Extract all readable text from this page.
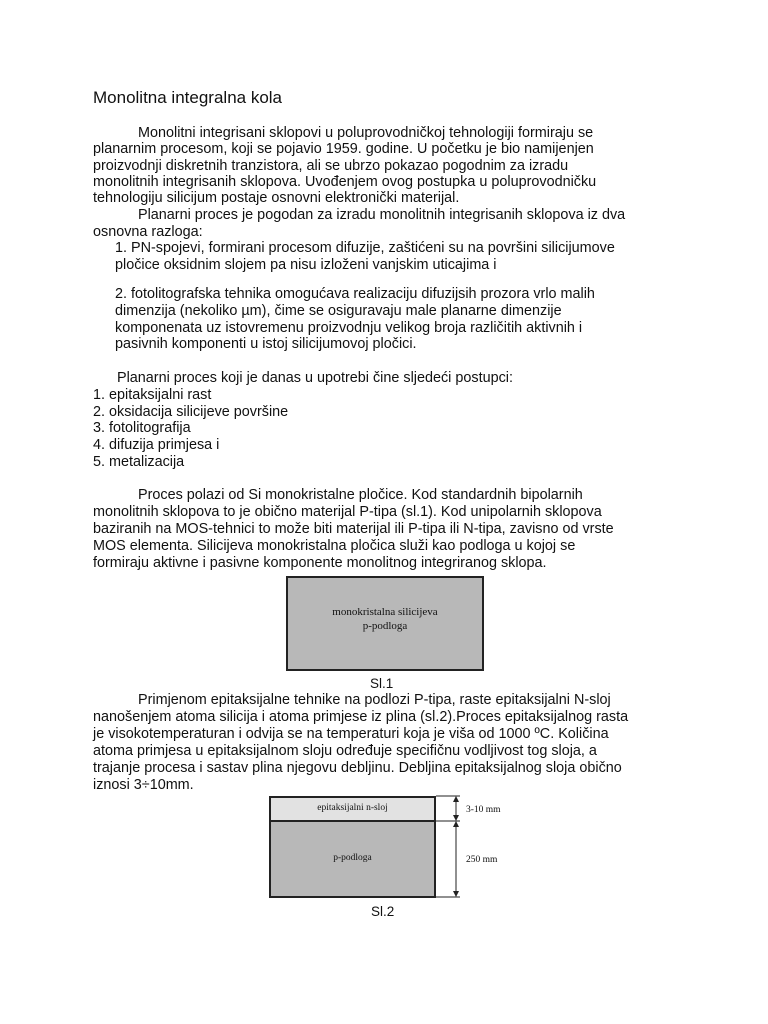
Monolitna integralna kola
Monolitni integrisani sklopovi u poluprovodničkoj tehnologiji formiraju se
planarnim procesom, koji se pojavio 1959. godine. U početku je bio namijenjen
proizvodnji diskretnih tranzistora, ali se ubrzo pokazao pogodnim za izradu
monolitnih integrisanih sklopova. Uvođenjem ovog postupka u poluprovodničku
tehnologiju silicijum postaje osnovni elektronički materijal.
Planarni proces je pogodan za izradu monolitnih integrisanih sklopova iz dva
osnovna razloga:
1. PN-spojevi, formirani procesom difuzije, zaštićeni su na površini silicijumove
pločice oksidnim slojem pa nisu izloženi vanjskim uticajima i
2. fotolitografska tehnika omogućava realizaciju difuzijsih prozora vrlo malih
dimenzija (nekoliko µm), čime se osiguravaju male planarne dimenzije
komponenata uz istovremenu proizvodnju velikog broja različitih aktivnih i
pasivnih komponenti u istoj silicijumovoj pločici.
Planarni proces koji je danas u upotrebi čine sljedeći postupci:
1. epitaksijalni rast
2. oksidacija silicijeve površine
3. fotolitografija
4. difuzija primjesa i
5. metalizacija
Proces polazi od Si monokristalne pločice. Kod standardnih bipolarnih
monolitnih sklopova to je obično materijal P-tipa (sl.1). Kod unipolarnih sklopova
baziranih na MOS-tehnici to može biti materijal ili P-tipa ili N-tipa, zavisno od vrste
MOS elementa. Silicijeva monokristalna pločica služi kao podloga u kojoj se
formiraju aktivne i pasivne komponente monolitnog integriranog sklopa.
monokristalna silicijeva
p-podloga
Sl.1
Primjenom epitaksijalne tehnike na podlozi P-tipa, raste epitaksijalni N-sloj
nanošenjem atoma silicija i atoma primjese iz plina (sl.2).Proces epitaksijalnog rasta
je visokotemperaturan i odvija se na temperaturi koja je viša od 1000 ºC. Količina
atoma primjesa u epitaksijalnom sloju određuje specifičnu vodljivost tog sloja, a
trajanje procesa i sastav plina njegovu debljinu. Debljina epitaksijalnog sloja obično
iznosi 3÷10mm.
epitaksijalni n-sloj
p-podloga
3-10 mm
250 mm
Sl.2
